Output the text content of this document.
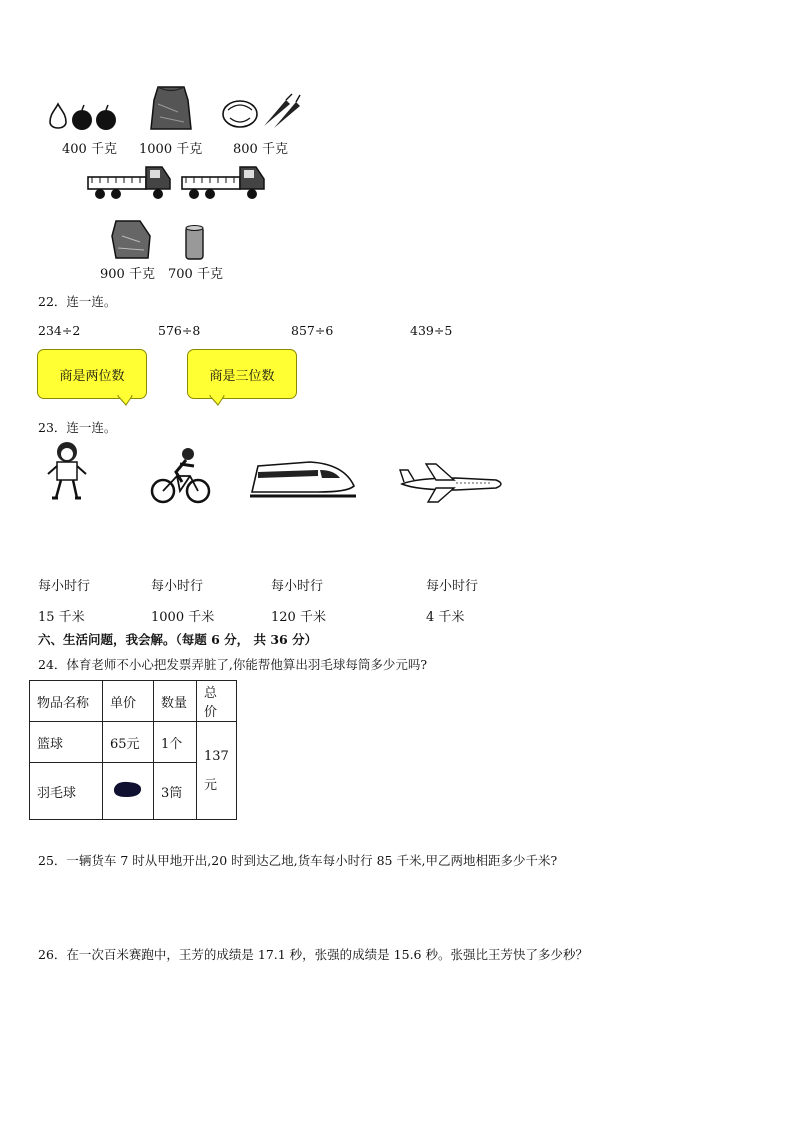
400 千克 1000 千克 800 千克
900 千克 700 千克
22．连一连。
234÷2	576÷8	857÷6	439÷5
商是两位数	商是三位数
23．连一连。
每小时行	每小时行	每小时行	每小时行
15 千米	1000 千米	120 千米	4 千米
六、生活问题，我会解。（每题 6 分， 共 36 分）
24．体育老师不小心把发票弄脏了,你能帮他算出羽毛球每筒多少元吗?
物品名称	单价	数量	总价
篮球	65元	1个	137
元

羽毛球		3筒	
25．一辆货车 7 时从甲地开出,20 时到达乙地,货车每小时行 85 千米,甲乙两地相距多少千米?
26．在一次百米赛跑中，王芳的成绩是 17.1 秒，张强的成绩是 15.6 秒。张强比王芳快了多少秒？
